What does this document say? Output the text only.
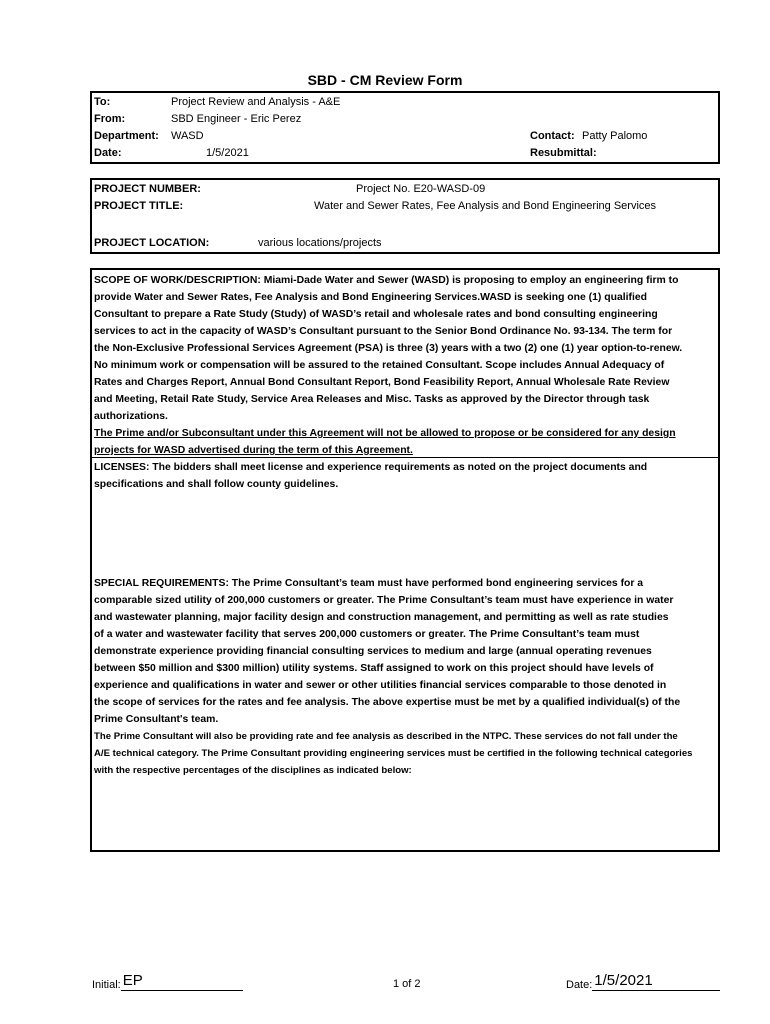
SBD - CM Review Form
To:	Project Review and Analysis - A&E
From:	SBD Engineer - Eric Perez
Department: WASD
Date:	1/5/2021
Contact: Patty Palomo
Resubmittal:
PROJECT NUMBER:	Project No. E20-WASD-09
PROJECT TITLE:	Water and Sewer Rates, Fee Analysis and Bond Engineering Services
PROJECT LOCATION:	various locations/projects

SCOPE OF WORK/DESCRIPTION: Miami-Dade Water and Sewer (WASD) is proposing to employ an engineering firm to

provide Water and Sewer Rates, Fee Analysis and Bond Engineering Services.WASD is seeking one (1) qualified

Consultant to prepare a Rate Study (Study) of WASD’s retail and wholesale rates and bond consulting engineering

services to act in the capacity of WASD’s Consultant pursuant to the Senior Bond Ordinance No. 93-134. The term for

the Non-Exclusive Professional Services Agreement (PSA) is three (3) years with a two (2) one (1) year option-to-renew.

No minimum work or compensation will be assured to the retained Consultant. Scope includes Annual Adequacy of

Rates and Charges Report, Annual Bond Consultant Report, Bond Feasibility Report, Annual Wholesale Rate Review

and Meeting, Retail Rate Study, Service Area Releases and Misc. Tasks as approved by the Director through task

authorizations.

The Prime and/or Subconsultant under this Agreement will not be allowed to propose or be considered for any design

projects for WASD advertised during the term of this Agreement.

LICENSES: The bidders shall meet license and experience requirements as noted on the project documents and

specifications and shall follow county guidelines.

SPECIAL REQUIREMENTS: The Prime Consultant’s team must have performed bond engineering services for a

comparable sized utility of 200,000 customers or greater. The Prime Consultant’s team must have experience in water

and wastewater planning, major facility design and construction management, and permitting as well as rate studies

of a water and wastewater facility that serves 200,000 customers or greater. The Prime Consultant’s team must

demonstrate experience providing financial consulting services to medium and large (annual operating revenues

between $50 million and $300 million) utility systems. Staff assigned to work on this project should have levels of

experience and qualifications in water and sewer or other utilities financial services comparable to those denoted in

the scope of services for the rates and fee analysis. The above expertise must be met by a qualified individual(s) of the

Prime Consultant's team.

The Prime Consultant will also be providing rate and fee analysis as described in the NTPC. These services do not fall under the

A/E technical category. The Prime Consultant providing engineering services must be certified in the following technical categories

with the respective percentages of the disciplines as indicated below:

Initial: EP	1 of 2	Date: 1/5/2021
